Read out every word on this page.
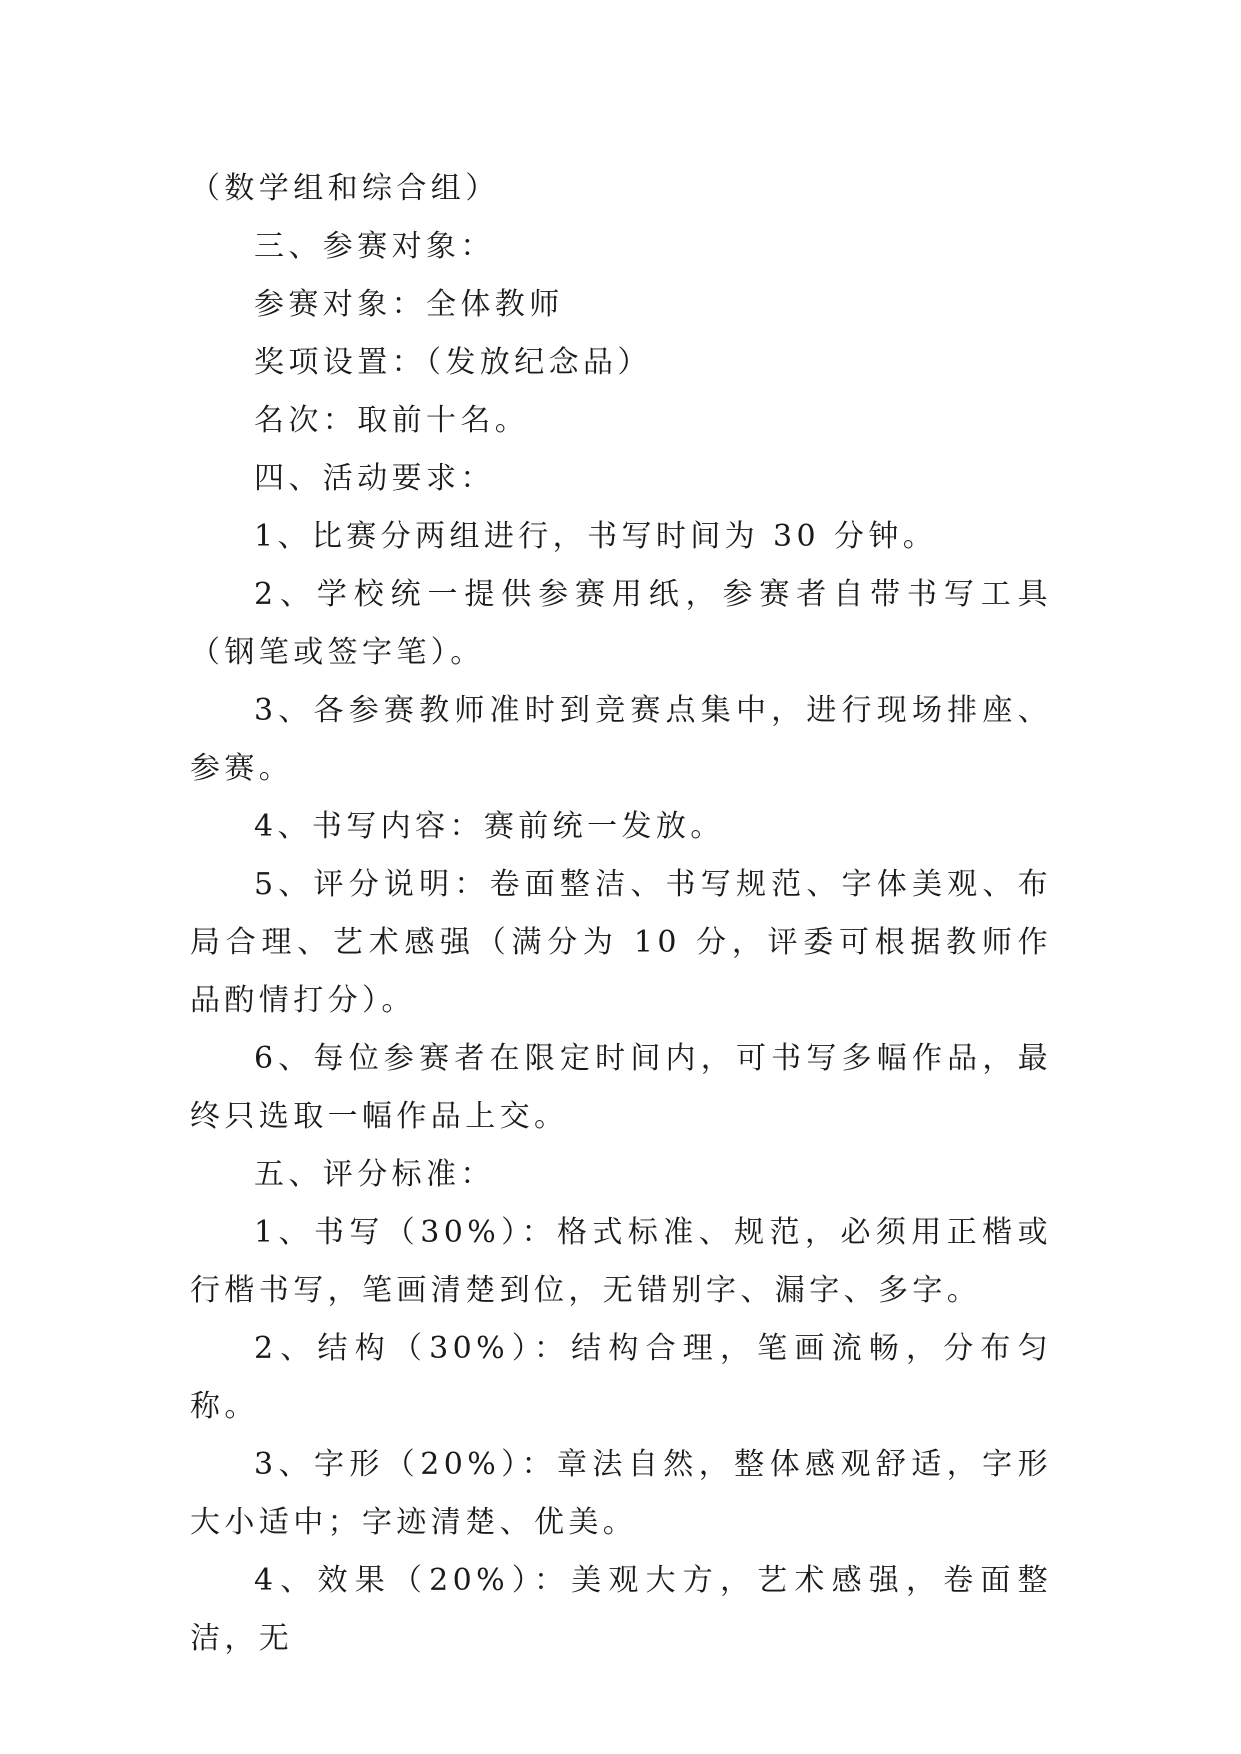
（数学组和综合组）

三、参赛对象：

参赛对象：全体教师

奖项设置：（发放纪念品）

名次：取前十名。

四、活动要求：

1、比赛分两组进行，书写时间为 30 分钟。

2、学校统一提供参赛用纸，参赛者自带书写工具（钢笔或签字笔）。

3、各参赛教师准时到竞赛点集中，进行现场排座、参赛。

4、书写内容：赛前统一发放。

5、评分说明：卷面整洁、书写规范、字体美观、布局合理、艺术感强（满分为 10 分，评委可根据教师作品酌情打分）。

6、每位参赛者在限定时间内，可书写多幅作品，最终只选取一幅作品上交。

五、评分标准：

1、书写（30%）：格式标准、规范，必须用正楷或行楷书写，笔画清楚到位，无错别字、漏字、多字。

2、结构（30%）：结构合理，笔画流畅，分布匀称。

3、字形（20%）：章法自然，整体感观舒适，字形大小适中；字迹清楚、优美。

4、效果（20%）：美观大方，艺术感强，卷面整洁，无
